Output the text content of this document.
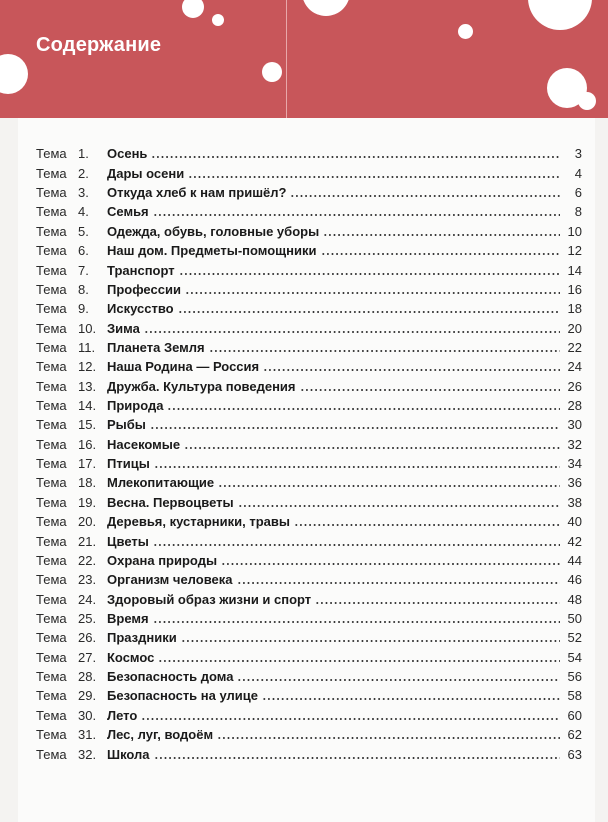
Содержание
Тема 1.	Осень	3
Тема 2.	Дары осени	4
Тема 3.	Откуда хлеб к нам пришёл?	6
Тема 4.	Семья	8
Тема 5.	Одежда, обувь, головные уборы	10
Тема 6.	Наш дом. Предметы-помощники	12
Тема 7.	Транспорт	14
Тема 8.	Профессии	16
Тема 9.	Искусство	18
Тема 10. Зима	20
Тема 11. Планета Земля	22
Тема 12. Наша Родина — Россия	24
Тема 13. Дружба. Культура поведения	26
Тема 14. Природа	28
Тема 15. Рыбы	30
Тема 16. Насекомые	32
Тема 17. Птицы	34
Тема 18. Млекопитающие	36
Тема 19. Весна. Первоцветы	38
Тема 20. Деревья, кустарники, травы	40
Тема 21. Цветы	42
Тема 22. Охрана природы	44
Тема 23. Организм человека	46
Тема 24. Здоровый образ жизни и спорт	48
Тема 25. Время	50
Тема 26. Праздники	52
Тема 27. Космос	54
Тема 28. Безопасность дома	56
Тема 29. Безопасность на улице	58
Тема 30. Лето	60
Тема 31. Лес, луг, водоём	62
Тема 32. Школа	63
